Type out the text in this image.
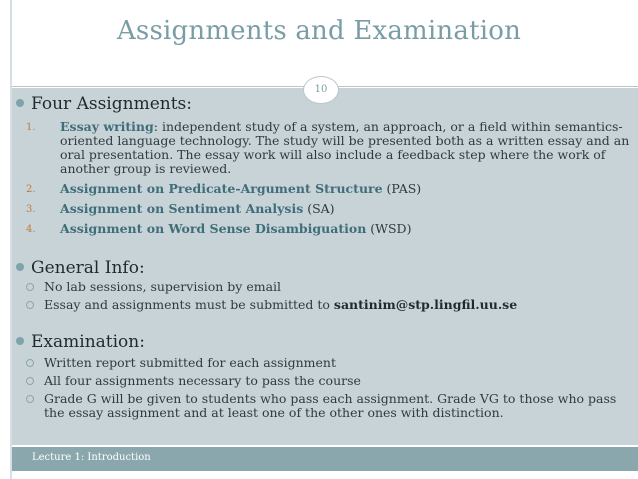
Assignments and Examination
Four Assignments:
1. Essay writing: independent study of a system, an approach, or a field within semantics-oriented language technology. The study will be presented both as a written essay and an oral presentation. The essay work will also include a feedback step where the work of another group is reviewed.
2. Assignment on Predicate-Argument Structure (PAS)
3. Assignment on Sentiment Analysis (SA)
4. Assignment on Word Sense Disambiguation (WSD)
General Info:
No lab sessions, supervision by email
Essay and assignments must be submitted to santinim@stp.lingfil.uu.se
Examination:
Written report submitted for each assignment
All four assignments necessary to pass the course
Grade G will be given to students who pass each assignment. Grade VG to those who pass the essay assignment and at least one of the other ones with distinction.
10
Lecture 1: Introduction
